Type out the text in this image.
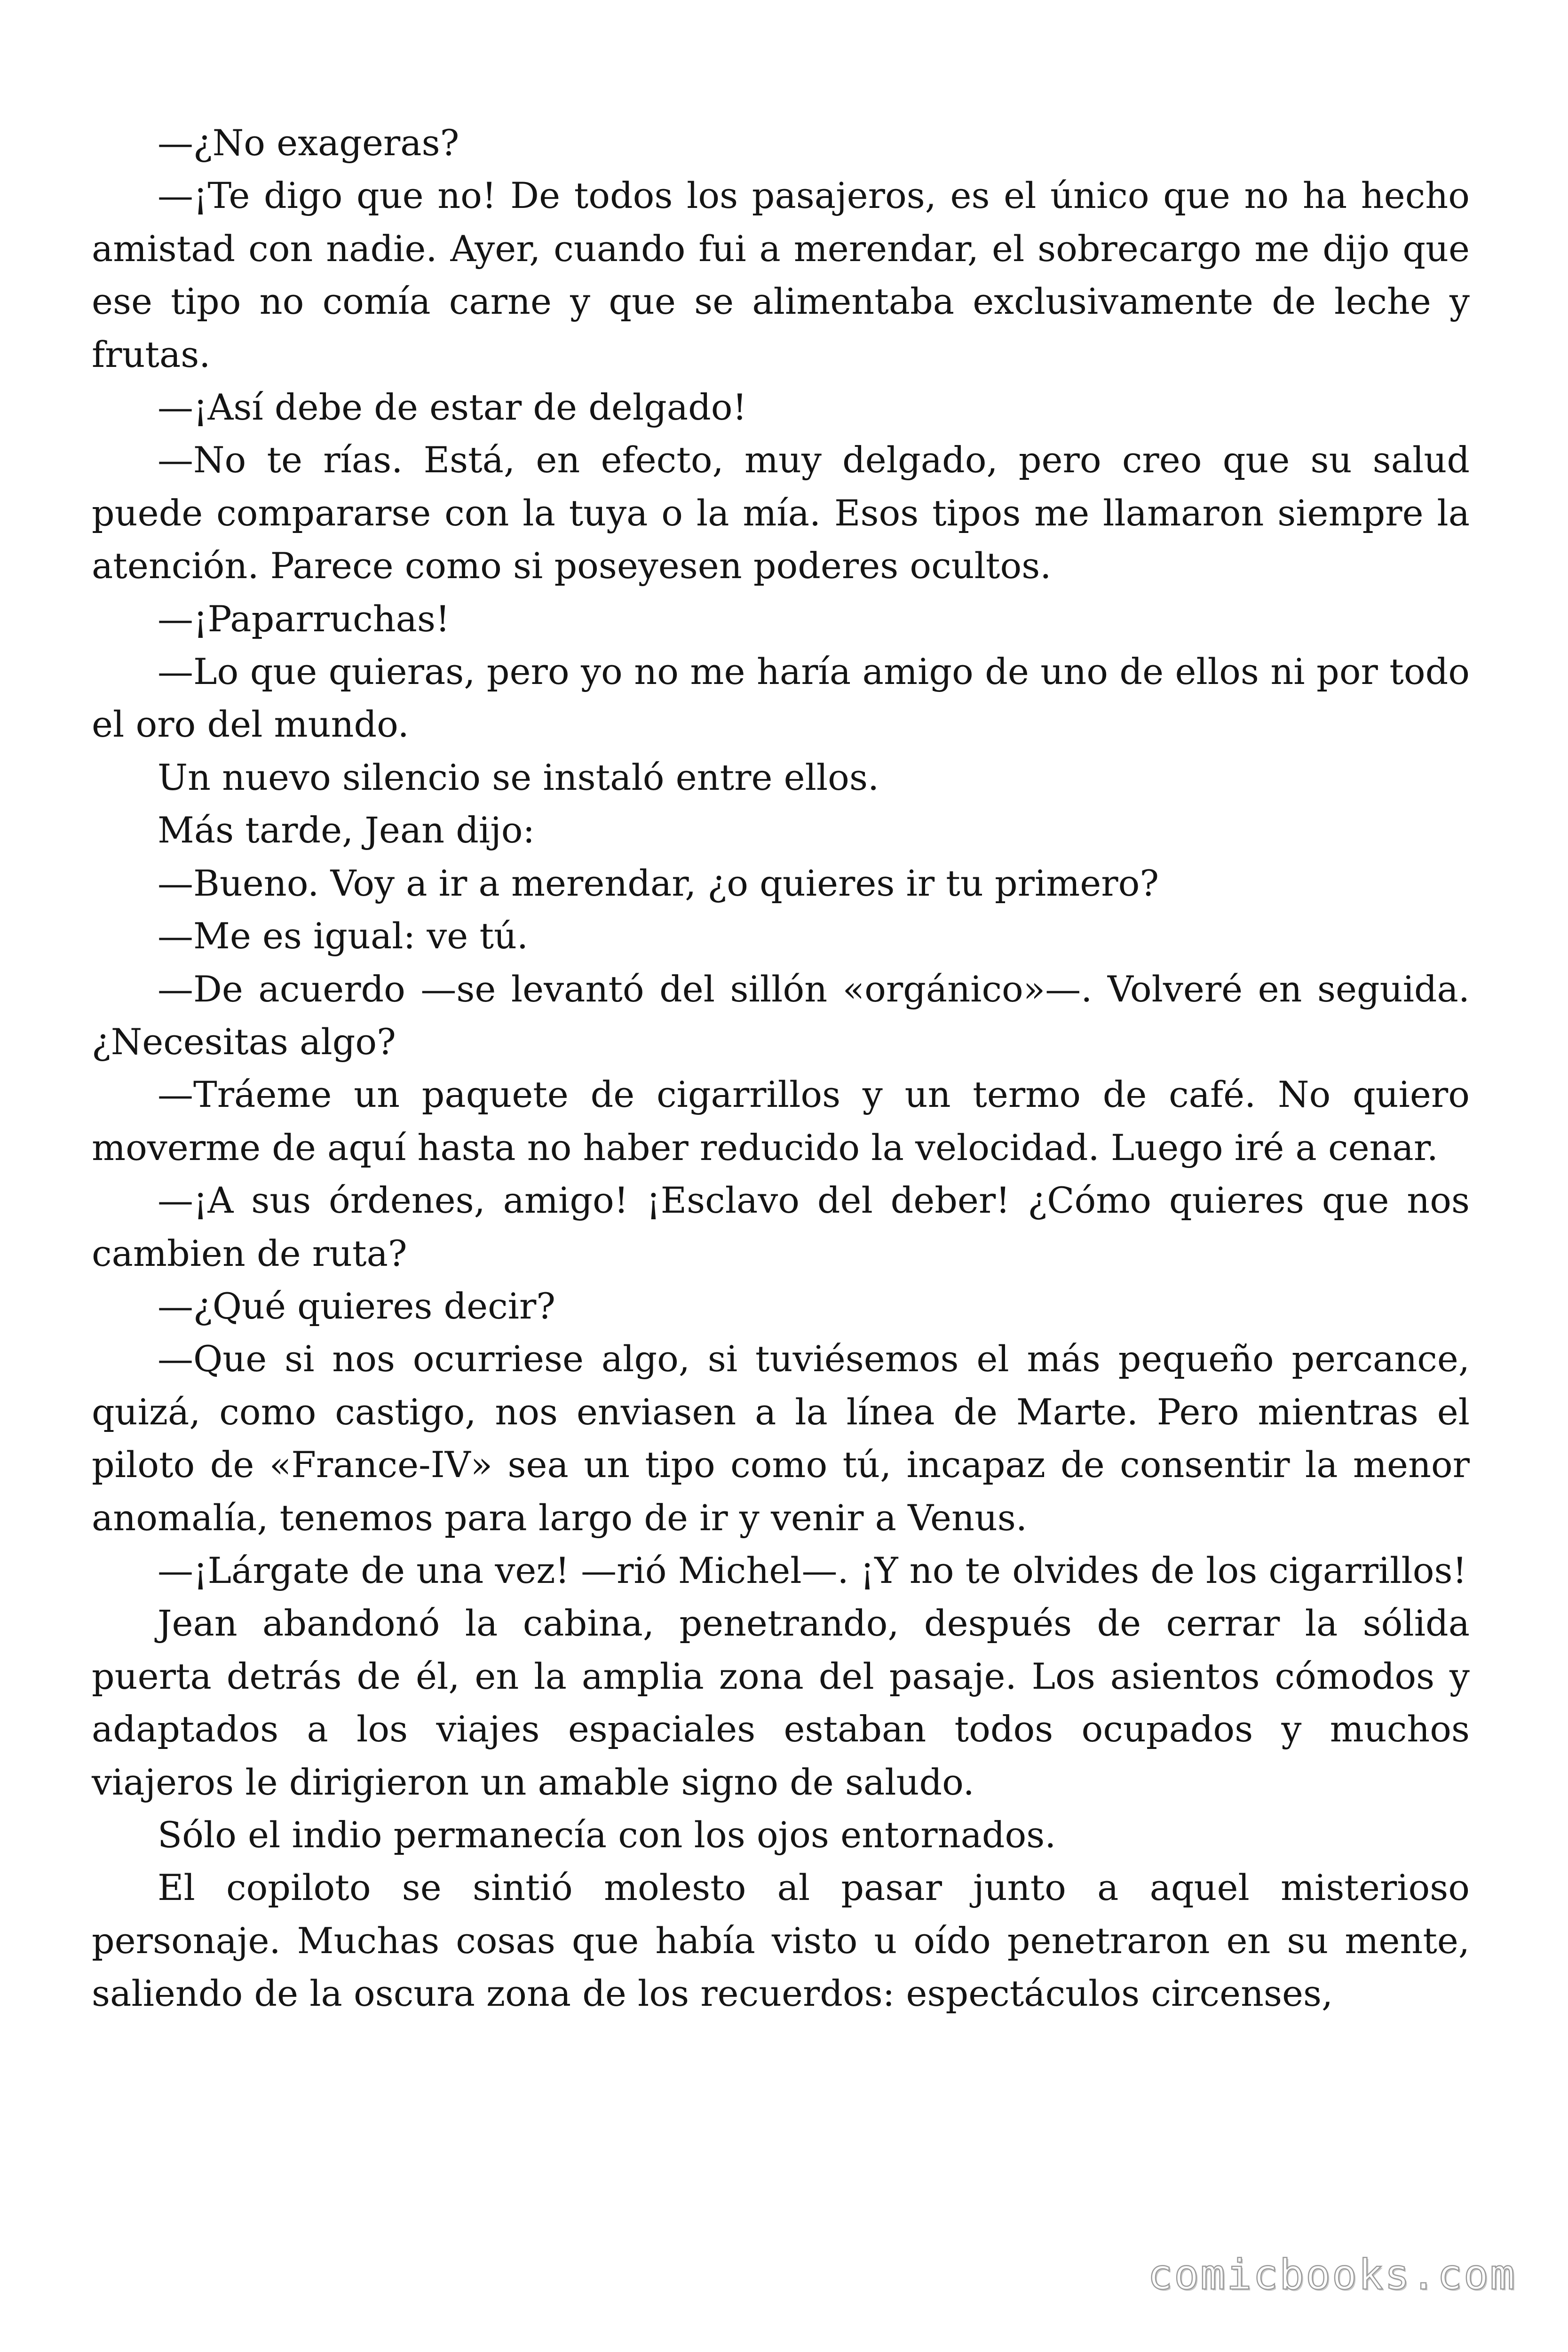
—¿No exageras?

—¡Te digo que no! De todos los pasajeros, es el único que no ha hecho amistad con nadie. Ayer, cuando fui a merendar, el sobrecargo me dijo que ese tipo no comía carne y que se alimentaba exclusivamente de leche y frutas.

—¡Así debe de estar de delgado!

—No te rías. Está, en efecto, muy delgado, pero creo que su salud puede compararse con la tuya o la mía. Esos tipos me llamaron siempre la atención. Parece como si poseyesen poderes ocultos.

—¡Paparruchas!

—Lo que quieras, pero yo no me haría amigo de uno de ellos ni por todo el oro del mundo.

Un nuevo silencio se instaló entre ellos.

Más tarde, Jean dijo:

—Bueno. Voy a ir a merendar, ¿o quieres ir tu primero?

—Me es igual: ve tú.

—De acuerdo —se levantó del sillón «orgánico»—. Volveré en seguida. ¿Necesitas algo?

—Tráeme un paquete de cigarrillos y un termo de café. No quiero moverme de aquí hasta no haber reducido la velocidad. Luego iré a cenar.

—¡A sus órdenes, amigo! ¡Esclavo del deber! ¿Cómo quieres que nos cambien de ruta?

—¿Qué quieres decir?

—Que si nos ocurriese algo, si tuviésemos el más pequeño percance, quizá, como castigo, nos enviasen a la línea de Marte. Pero mientras el piloto de «France-IV» sea un tipo como tú, incapaz de consentir la menor anomalía, tenemos para largo de ir y venir a Venus.

—¡Lárgate de una vez! —rió Michel—. ¡Y no te olvides de los cigarrillos!

Jean abandonó la cabina, penetrando, después de cerrar la sólida puerta detrás de él, en la amplia zona del pasaje. Los asientos cómodos y adaptados a los viajes espaciales estaban todos ocupados y muchos viajeros le dirigieron un amable signo de saludo.

Sólo el indio permanecía con los ojos entornados.

El copiloto se sintió molesto al pasar junto a aquel misterioso personaje. Muchas cosas que había visto u oído penetraron en su mente, saliendo de la oscura zona de los recuerdos: espectáculos circenses,

comicbooks.com
